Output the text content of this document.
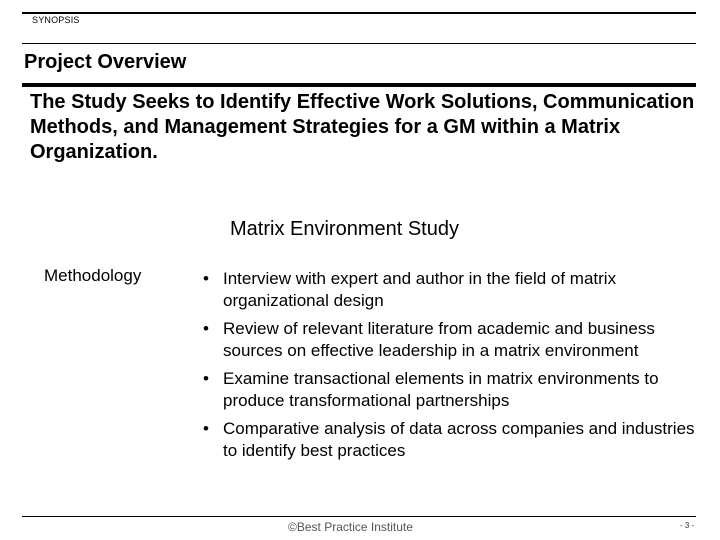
SYNOPSIS
Project Overview
The Study Seeks to Identify Effective Work Solutions, Communication Methods, and Management Strategies for a GM within a Matrix Organization.
Matrix Environment Study
Methodology	• Interview with expert and author in the field of matrix organizational design
• Review of relevant literature from academic and business sources on effective leadership in a matrix environment
• Examine transactional elements in matrix environments to produce transformational partnerships
• Comparative analysis of data across companies and industries to identify best practices
©Best Practice Institute	- 3 -
